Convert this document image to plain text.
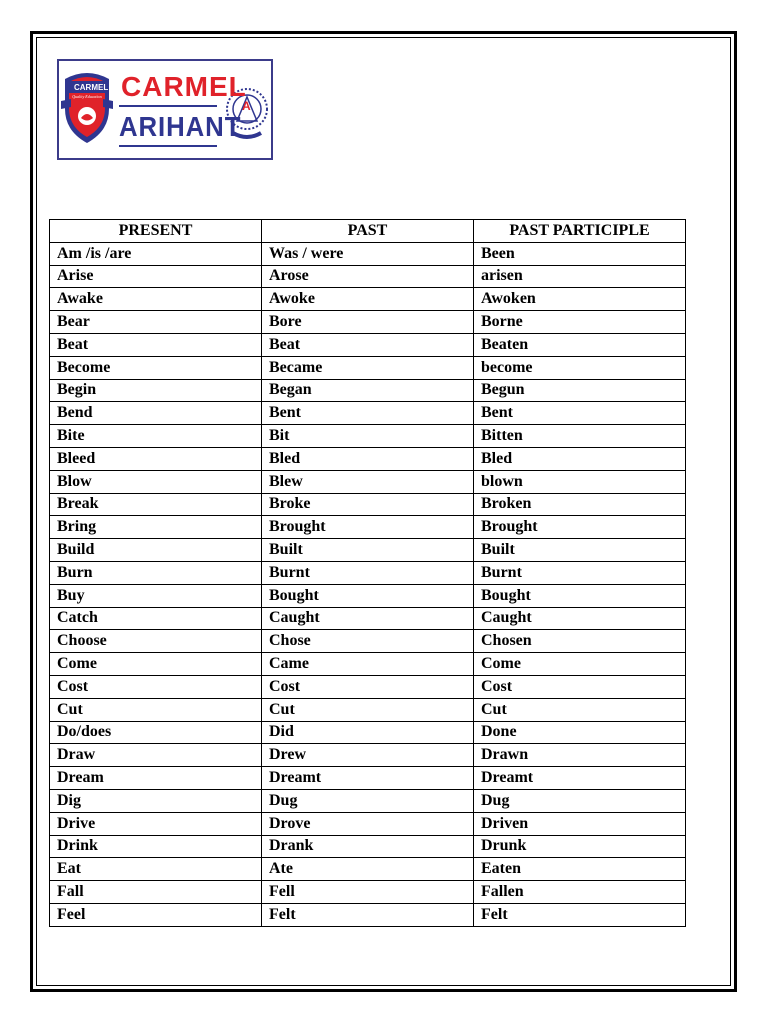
CARMEL
Quality Education CARMEL
ARIHANT
A
PRESENT	PAST	PAST PARTICIPLE
Am /is /are	Was / were	Been
Arise	Arose	arisen
Awake	Awoke	Awoken
Bear	Bore	Borne
Beat	Beat	Beaten
Become	Became	become
Begin	Began	Begun
Bend	Bent	Bent
Bite	Bit	Bitten
Bleed	Bled	Bled
Blow	Blew	blown
Break	Broke	Broken
Bring	Brought	Brought
Build	Built	Built
Burn	Burnt	Burnt
Buy	Bought	Bought
Catch	Caught	Caught
Choose	Chose	Chosen
Come	Came	Come
Cost	Cost	Cost
Cut	Cut	Cut
Do/does	Did	Done
Draw	Drew	Drawn
Dream	Dreamt	Dreamt
Dig	Dug	Dug
Drive	Drove	Driven
Drink	Drank	Drunk
Eat	Ate	Eaten
Fall	Fell	Fallen
Feel	Felt	Felt
